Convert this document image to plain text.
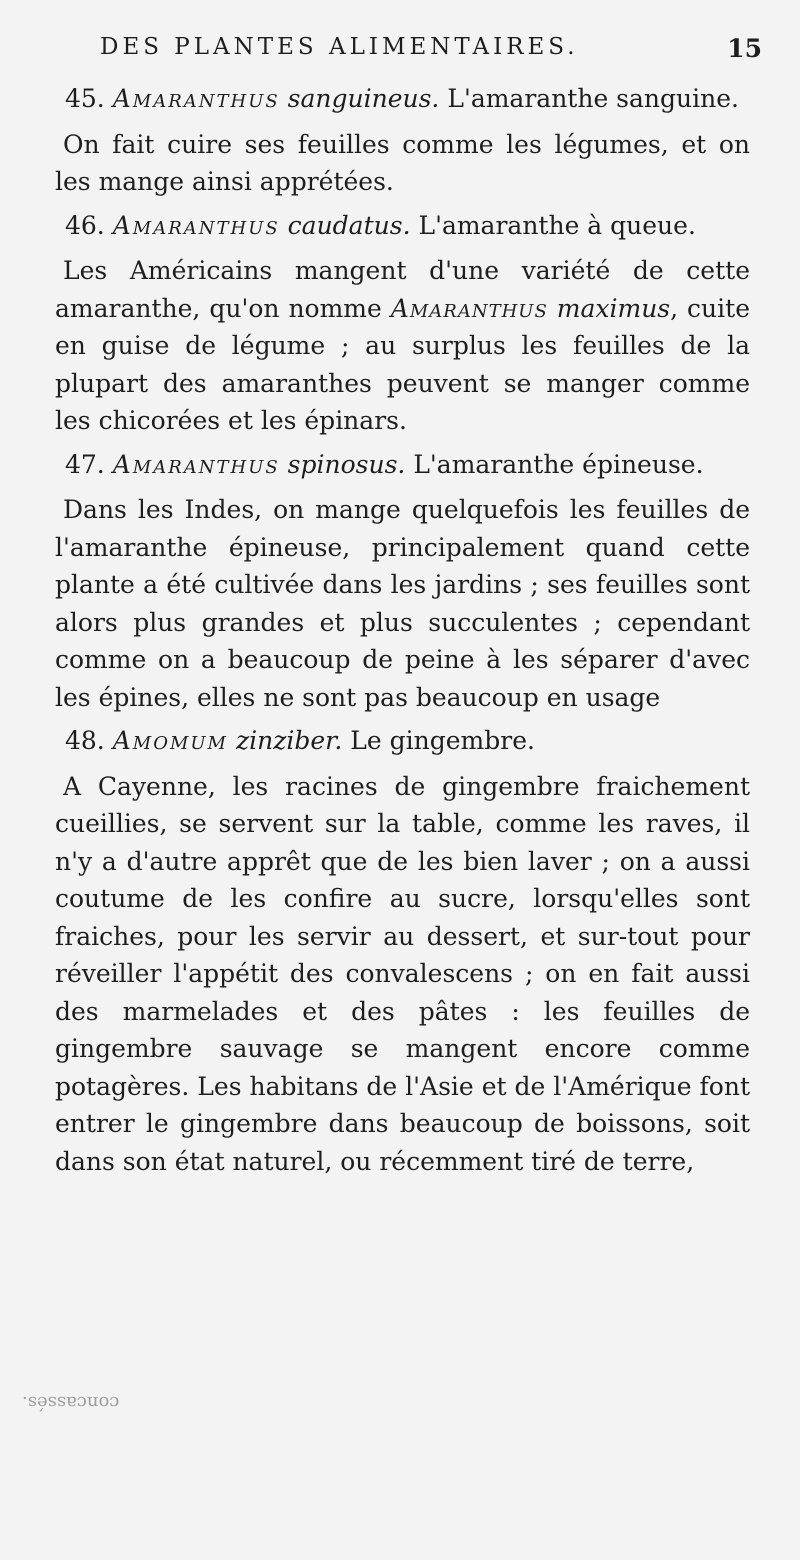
DES PLANTES ALIMENTAIRES.	15

45. Amaranthus sanguineus. L'amaranthe sanguine.

On fait cuire ses feuilles comme les légumes, et on les mange ainsi apprétées.

46. Amaranthus caudatus. L'amaranthe à queue.

Les Américains mangent d'une variété de cette amaranthe, qu'on nomme Amaranthus maximus, cuite en guise de légume ; au surplus les feuilles de la plupart des amaranthes peuvent se manger comme les chicorées et les épinars.

47. Amaranthus spinosus. L'amaranthe épineuse.

Dans les Indes, on mange quelquefois les feuilles de l'amaranthe épineuse, principalement quand cette plante a été cultivée dans les jardins ; ses feuilles sont alors plus grandes et plus succulentes ; cependant comme on a beaucoup de peine à les séparer d'avec les épines, elles ne sont pas beaucoup en usage

48. Amomum zinziber. Le gingembre.

A Cayenne, les racines de gingembre fraichement cueillies, se servent sur la table, comme les raves, il n'y a d'autre apprêt que de les bien laver ; on a aussi coutume de les confire au sucre, lorsqu'elles sont fraiches, pour les servir au dessert, et sur-tout pour réveiller l'appétit des convalescens ; on en fait aussi des marmelades et des pâtes : les feuilles de gingembre sauvage se mangent encore comme potagères. Les habitans de l'Asie et de l'Amérique font entrer le gingembre dans beaucoup de boissons, soit dans son état naturel, ou récemment tiré de terre,

concassés.
